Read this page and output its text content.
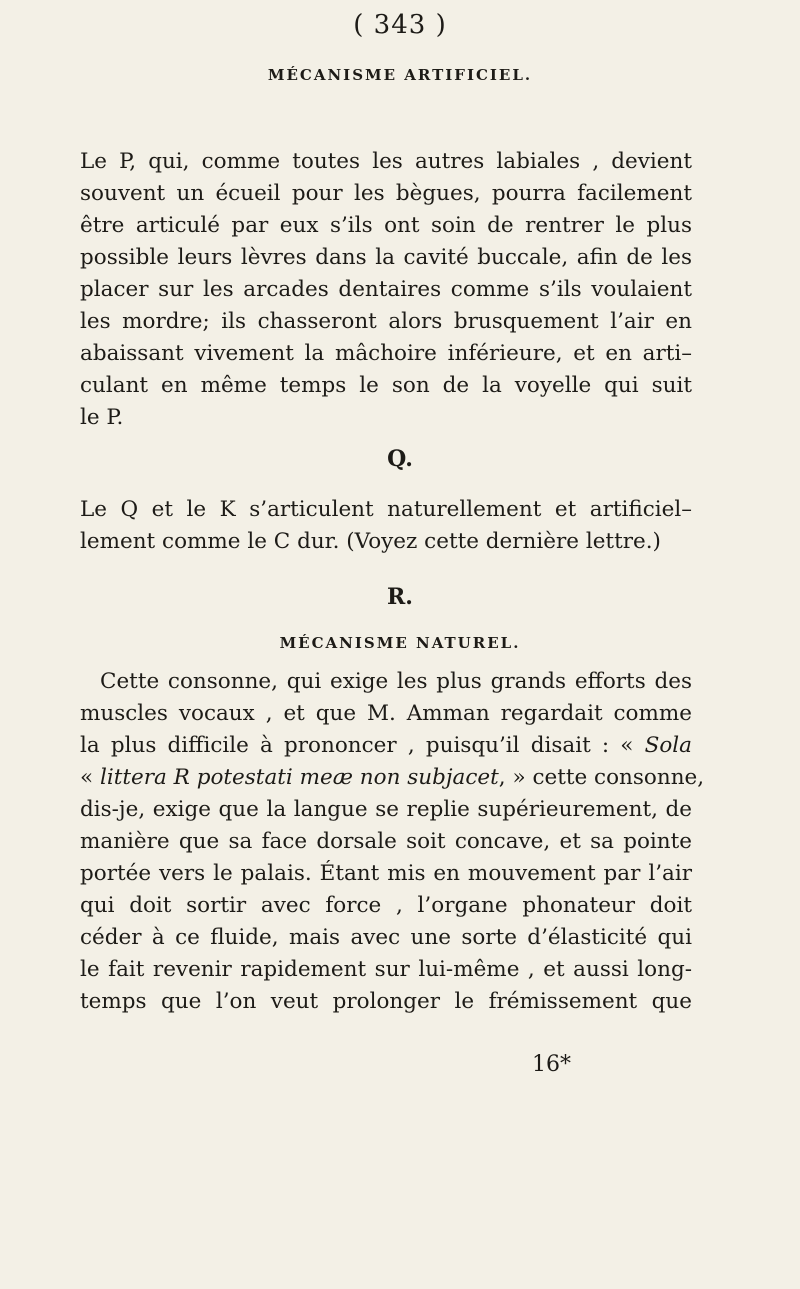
( 343 )
MÉCANISME ARTIFICIEL.
Le P, qui, comme toutes les autres labiales , devient
souvent un écueil pour les bègues, pourra facilement
être articulé par eux s’ils ont soin de rentrer le plus
possible leurs lèvres dans la cavité buccale, afin de les
placer sur les arcades dentaires comme s’ils voulaient
les mordre; ils chasseront alors brusquement l’air en
abaissant vivement la mâchoire inférieure, et en arti–
culant en même temps le son de la voyelle qui suit
le P.
Q.
Le Q et le K s’articulent naturellement et artificiel–
lement comme le C dur. (Voyez cette dernière lettre.)
R.
MÉCANISME NATUREL.
Cette consonne, qui exige les plus grands efforts des
muscles vocaux , et que M. Amman regardait comme
la plus difficile à prononcer , puisqu’il disait : « Sola
« littera R potestati meæ non subjacet, » cette consonne,
dis-je, exige que la langue se replie supérieurement, de
manière que sa face dorsale soit concave, et sa pointe
portée vers le palais. Étant mis en mouvement par l’air
qui doit sortir avec force , l’organe phonateur doit
céder à ce fluide, mais avec une sorte d’élasticité qui
le fait revenir rapidement sur lui-même , et aussi long-
temps que l’on veut prolonger le frémissement que
16*
